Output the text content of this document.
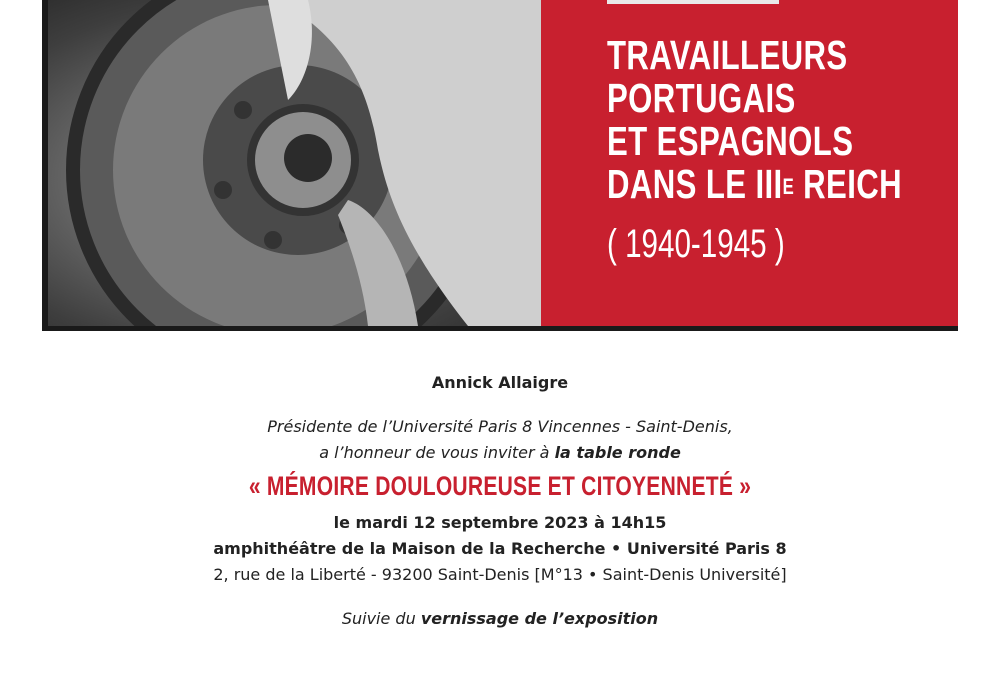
TRAVAILLEURS
PORTUGAIS
ET ESPAGNOLS
DANS LE $III^E$ REICH
( 1940-1945 )
Annick Allaigre
Présidente de l’Université Paris 8 Vincennes - Saint-Denis,
a l’honneur de vous inviter à la table ronde
« MÉMOIRE DOULOUREUSE ET CITOYENNETÉ »
le mardi 12 septembre 2023 à 14h15
amphithéâtre de la Maison de la Recherche • Université Paris 8
2, rue de la Liberté - 93200 Saint-Denis [M°13 • Saint-Denis Université]
Suivie du vernissage de l’exposition
